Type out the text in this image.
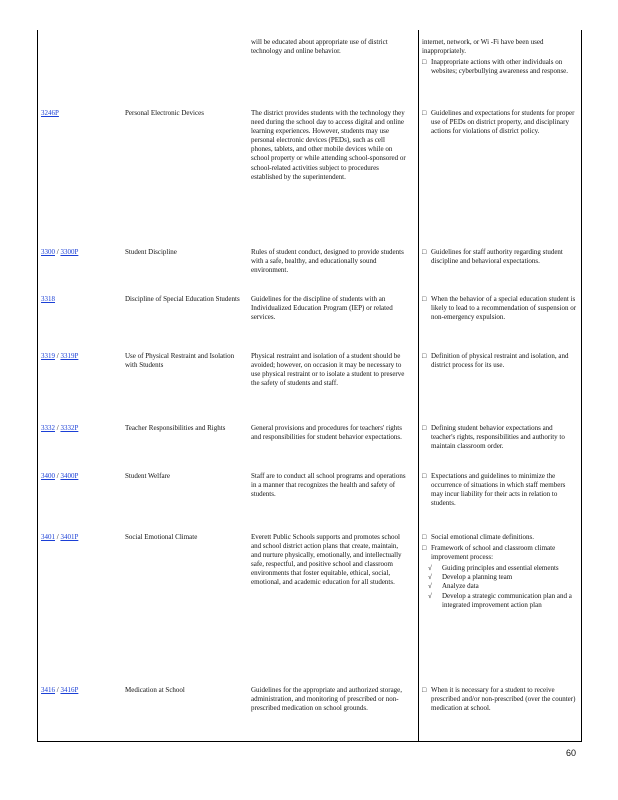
will be educated about appropriate use of district technology and online behavior.
internet, network, or Wi -Fi have been used inappropriately.
□ Inappropriate actions with other individuals on websites; cyberbullying awareness and response.
3246P	Personal Electronic Devices	The district provides students with the technology they need during the school day to access digital and online learning experiences. However, students may use personal electronic devices (PEDs), such as cell phones, tablets, and other mobile devices while on school property or while attending school-sponsored or school-related activities subject to procedures established by the superintendent.
□ Guidelines and expectations for students for proper use of PEDs on district property, and disciplinary actions for violations of district policy.
3300 / 3300P	Student Discipline	Rules of student conduct, designed to provide students with a safe, healthy, and educationally sound environment.
□ Guidelines for staff authority regarding student discipline and behavioral expectations.
3318	Discipline of Special Education Students	Guidelines for the discipline of students with an Individualized Education Program (IEP) or related services.
□ When the behavior of a special education student is likely to lead to a recommendation of suspension or non-emergency expulsion.
3319 / 3319P	Use of Physical Restraint and Isolation with Students
Physical restraint and isolation of a student should be avoided; however, on occasion it may be necessary to use physical restraint or to isolate a student to preserve the safety of students and staff.
□ Definition of physical restraint and isolation, and district process for its use.
3332 / 3332P	Teacher Responsibilities and Rights	General provisions and procedures for teachers' rights and responsibilities for student behavior expectations.
□ Defining student behavior expectations and teacher's rights, responsibilities and authority to maintain classroom order.
3400 / 3400P	Student Welfare	Staff are to conduct all school programs and operations in a manner that recognizes the health and safety of students.
□ Expectations and guidelines to minimize the occurrence of situations in which staff members may incur liability for their acts in relation to students.
3401 / 3401P	Social Emotional Climate	Everett Public Schools supports and promotes school and school district action plans that create, maintain, and nurture physically, emotionally, and intellectually safe, respectful, and positive school and classroom environments that foster equitable, ethical, social, emotional, and academic education for all students.
□ Social emotional climate definitions.
□ Framework of school and classroom climate improvement process:
√	Guiding principles and essential elements
√	Develop a planning team
√	Analyze data
√	Develop a strategic communication plan and a integrated improvement action plan
3416 / 3416P	Medication at School	Guidelines for the appropriate and authorized storage, administration, and monitoring of prescribed or non-prescribed medication on school grounds.
□ When it is necessary for a student to receive prescribed and/or non-prescribed (over the counter) medication at school.
60
